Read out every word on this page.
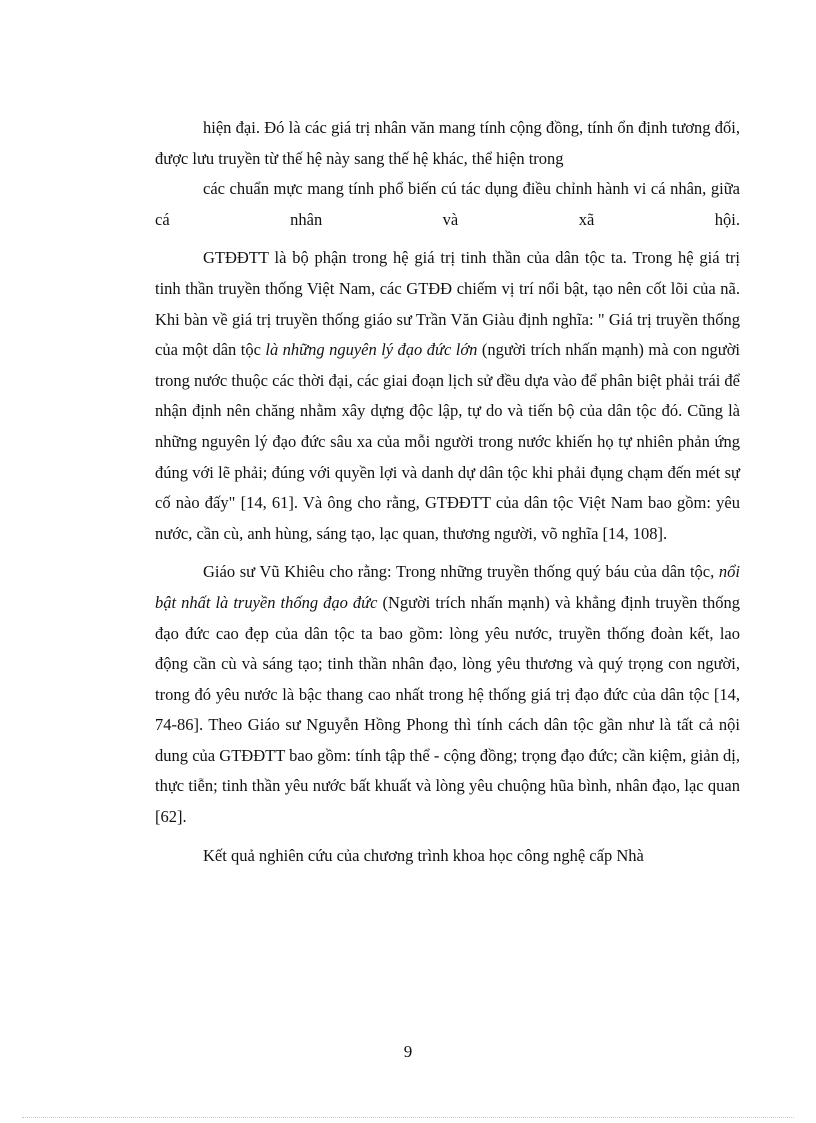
hiện đại. Đó là các giá trị nhân văn mang tính cộng đồng, tính ổn định tương đối, được lưu truyền từ thế hệ này sang thế hệ khác, thể hiện trong

các chuẩn mực mang tính phổ biến cú tác dụng điều chỉnh hành vi cá nhân, giữa cá nhân và xã hội.

GTĐĐTT là bộ phận trong hệ giá trị tinh thần của dân tộc ta. Trong hệ giá trị tinh thần truyền thống Việt Nam, các GTĐĐ chiếm vị trí nổi bật, tạo nên cốt lõi của nã. Khi bàn về giá trị truyền thống giáo sư Trần Văn Giàu định nghĩa: " Giá trị truyền thống của một dân tộc là những nguyên lý đạo đức lớn (người trích nhấn mạnh) mà con người trong nước thuộc các thời đại, các giai đoạn lịch sử đều dựa vào để phân biệt phải trái để nhận định nên chăng nhằm xây dựng độc lập, tự do và tiến bộ của dân tộc đó. Cũng là những nguyên lý đạo đức sâu xa của mỗi người trong nước khiến họ tự nhiên phản ứng đúng với lẽ phải; đúng với quyền lợi và danh dự dân tộc khi phải đụng chạm đến mét sự cố nào đấy" [14, 61]. Và ông cho rằng, GTĐĐTT của dân tộc Việt Nam bao gồm: yêu nước, cần cù, anh hùng, sáng tạo, lạc quan, thương người, võ nghĩa [14, 108].

Giáo sư Vũ Khiêu cho rằng: Trong những truyền thống quý báu của dân tộc, nổi bật nhất là truyền thống đạo đức (Người trích nhấn mạnh) và khẳng định truyền thống đạo đức cao đẹp của dân tộc ta bao gồm: lòng yêu nước, truyền thống đoàn kết, lao động cần cù và sáng tạo; tinh thần nhân đạo, lòng yêu thương và quý trọng con người, trong đó yêu nước là bậc thang cao nhất trong hệ thống giá trị đạo đức của dân tộc [14, 74-86]. Theo Giáo sư Nguyễn Hồng Phong thì tính cách dân tộc gần như là tất cả nội dung của GTĐĐTT bao gồm: tính tập thể - cộng đồng; trọng đạo đức; cần kiệm, giản dị, thực tiễn; tinh thần yêu nước bất khuất và lòng yêu chuộng hũa bình, nhân đạo, lạc quan [62].

Kết quả nghiên cứu của chương trình khoa học công nghệ cấp Nhà

9
